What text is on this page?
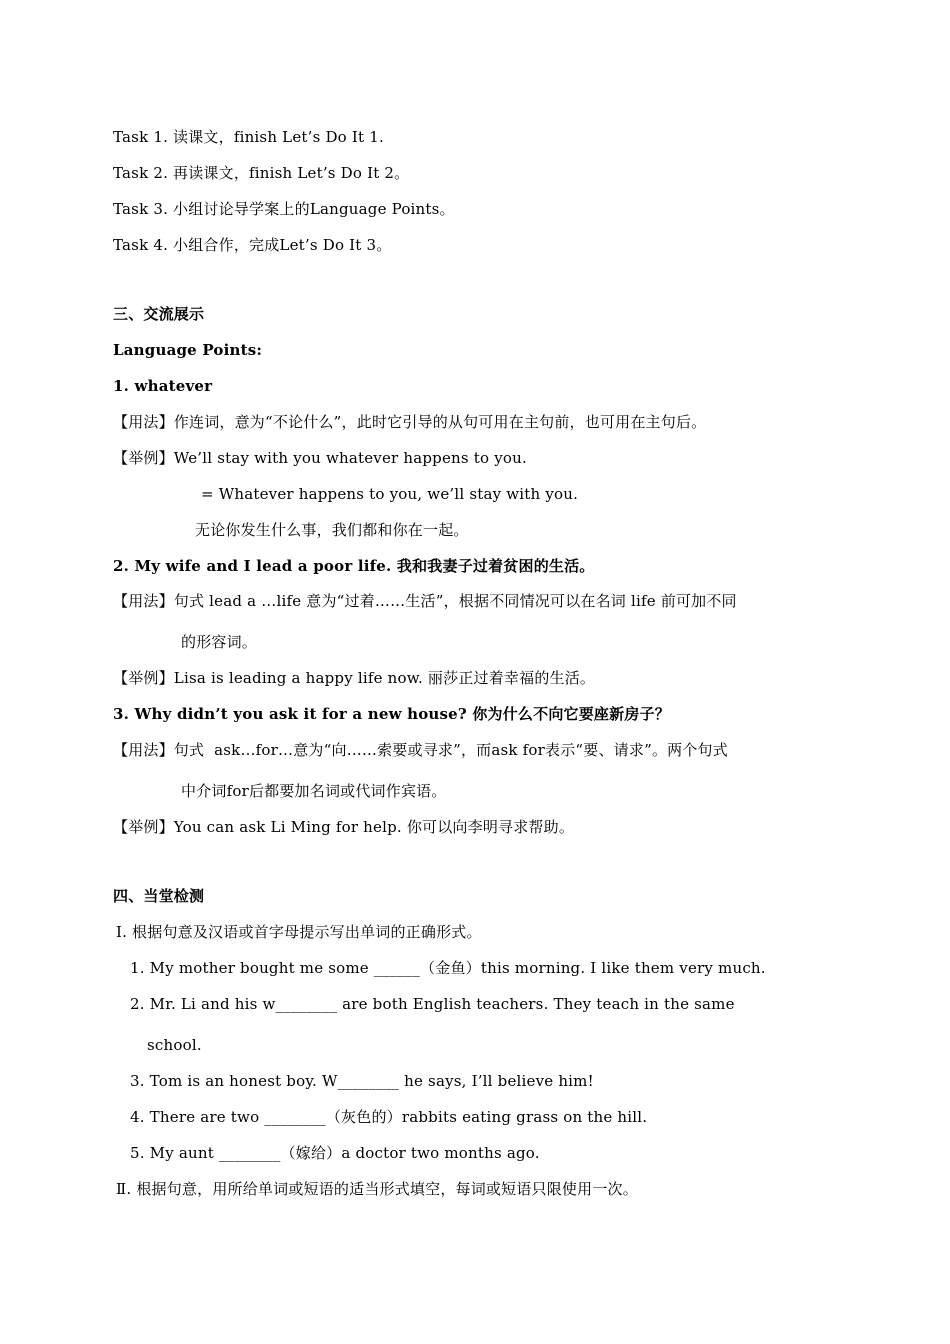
Task 1. 读课文，finish Let’s Do It 1.
Task 2. 再读课文，finish Let’s Do It 2。
Task 3. 小组讨论导学案上的Language Points。
Task 4. 小组合作，完成Let’s Do It 3。
三、交流展示
Language Points:
1. whatever
【用法】作连词，意为“不论什么”，此时它引导的从句可用在主句前，也可用在主句后。
【举例】We’ll stay with you whatever happens to you.
= Whatever happens to you, we’ll stay with you.
无论你发生什么事，我们都和你在一起。
2. My wife and I lead a poor life. 我和我妻子过着贫困的生活。
【用法】句式 lead a …life 意为“过着……生活”，根据不同情况可以在名词 life 前可加不同
的形容词。
【举例】Lisa is leading a happy life now. 丽莎正过着幸福的生活。
3. Why didn’t you ask it for a new house? 你为什么不向它要座新房子？
【用法】句式  ask…for…意为“向……索要或寻求”，而ask for表示“要、请求”。两个句式
中介词for后都要加名词或代词作宾语。
【举例】You can ask Li Ming for help. 你可以向李明寻求帮助。
四、当堂检测
Ⅰ. 根据句意及汉语或首字母提示写出单词的正确形式。
1. My mother bought me some ______（金鱼）this morning. I like them very much.
2. Mr. Li and his w________ are both English teachers. They teach in the same
school.
3. Tom is an honest boy. W________ he says, I’ll believe him!
4. There are two ________（灰色的）rabbits eating grass on the hill.
5. My aunt ________（嫁给）a doctor two months ago.
Ⅱ. 根据句意，用所给单词或短语的适当形式填空，每词或短语只限使用一次。
